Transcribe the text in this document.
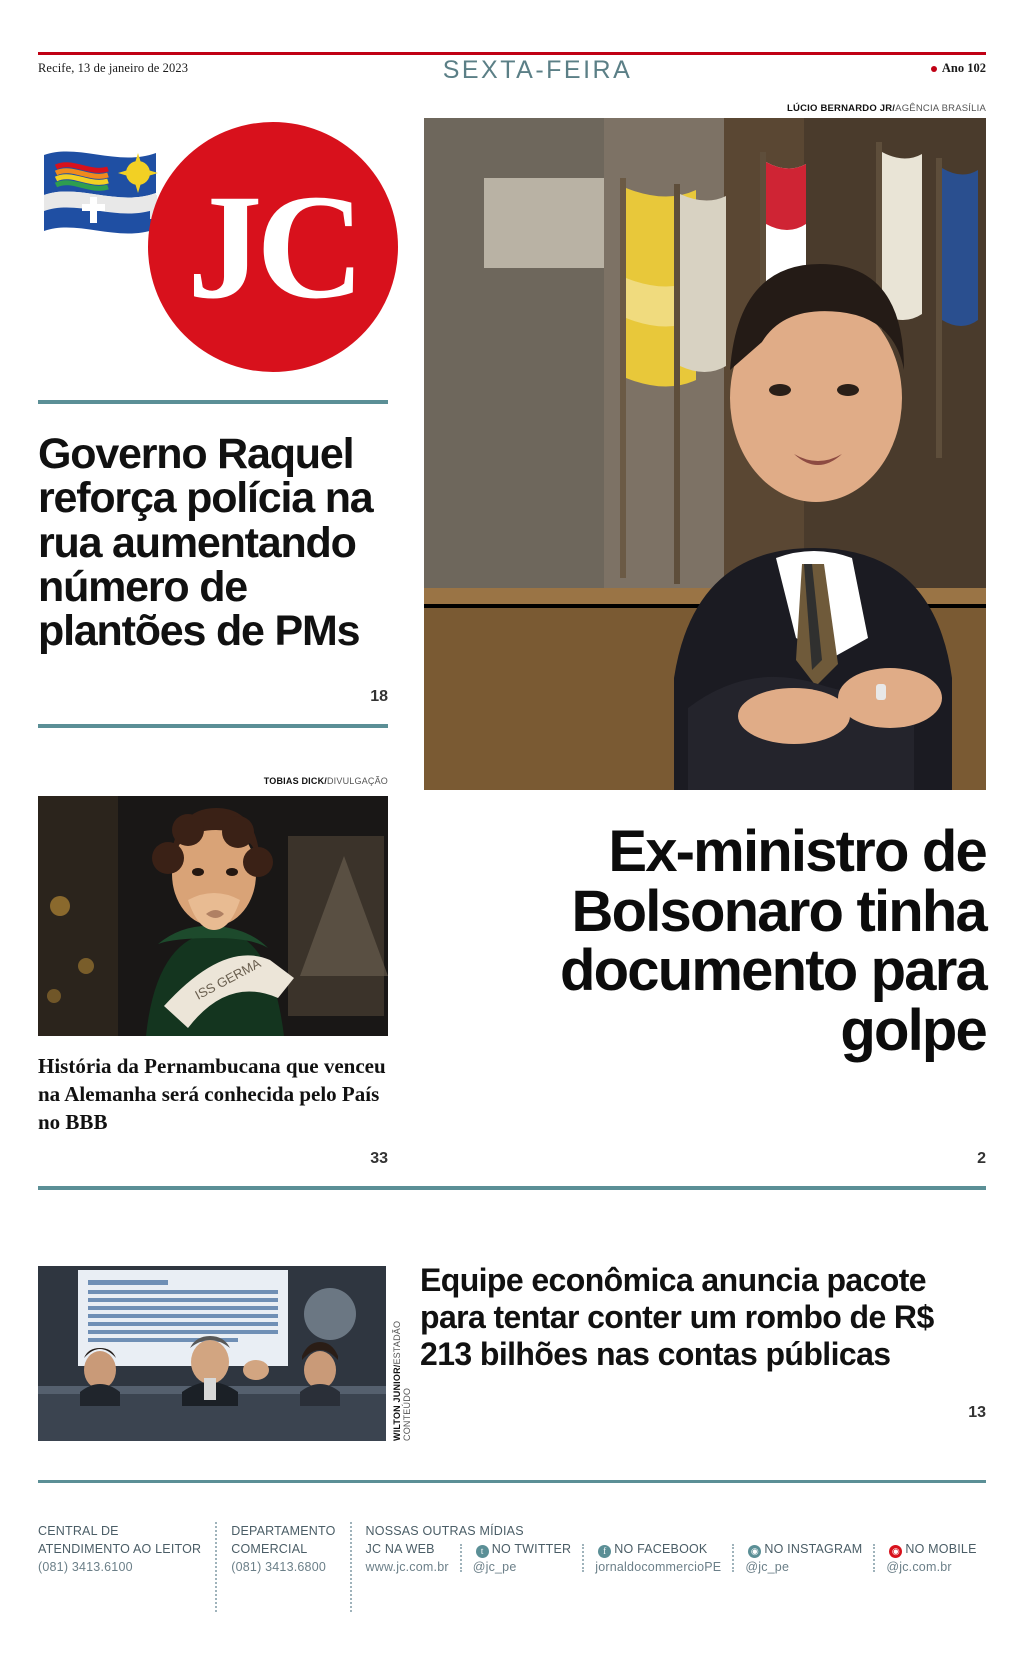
Recife, 13 de janeiro de 2023	SEXTA-FEIRA	Ano 102
JC
LÚCIO BERNARDO JR/AGÊNCIA BRASÍLIA
Governo Raquel reforça polícia na rua aumentando número de plantões de PMs
18
TOBIAS DICK/DIVULGAÇÃO
ISS GERMA
História da Pernambucana que venceu na Alemanha será conhecida pelo País no BBB
33
Ex-ministro de Bolsonaro tinha documento para golpe
2
WILTON JUNIOR/ESTADÃO CONTEÚDO
Equipe econômica anuncia pacote para tentar conter um rombo de R$ 213 bilhões nas contas públicas
13
CENTRAL DE
ATENDIMENTO AO LEITOR
(081) 3413.6100
DEPARTAMENTO
COMERCIAL
(081) 3413.6800
NOSSAS OUTRAS MÍDIAS
JC NA WEB
www.jc.com.br
t NO TWITTER
@jc_pe
f NO FACEBOOK
jornaldocommercioPE
◉ NO INSTAGRAM
@jc_pe
◉ NO MOBILE
@jc.com.br
